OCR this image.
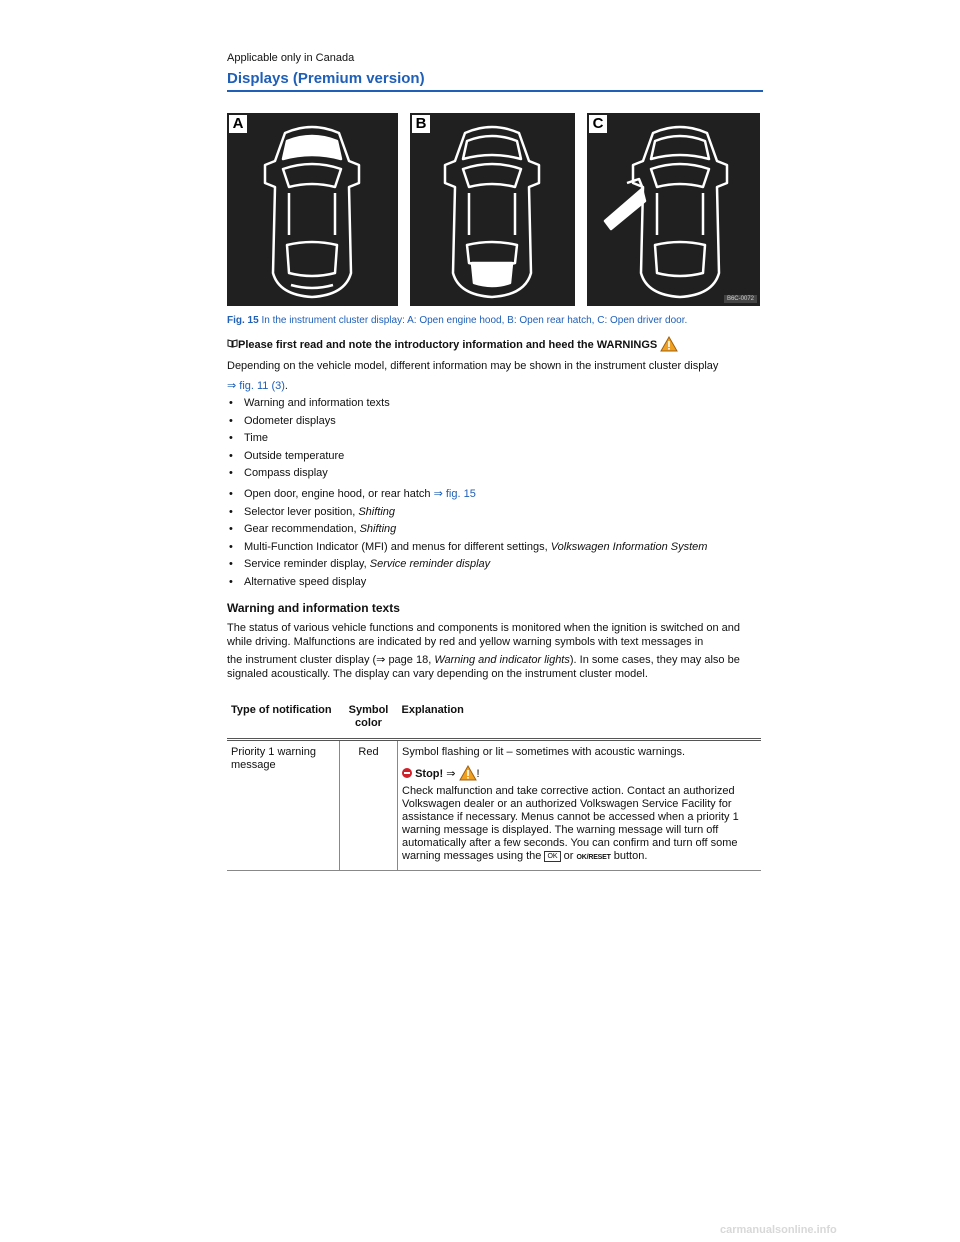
Applicable only in Canada
Displays (Premium version)
A	B	C
B6C-0072
Fig. 15 In the instrument cluster display: A: Open engine hood, B: Open rear hatch, C: Open driver door.
Please first read and note the introductory information and heed the WARNINGS
Depending on the vehicle model, different information may be shown in the instrument cluster display
⇒ fig. 11 (3).
• Warning and information texts
• Odometer displays
• Time
• Outside temperature
• Compass display
• Open door, engine hood, or rear hatch ⇒ fig. 15
• Selector lever position, Shifting
• Gear recommendation, Shifting
• Multi-Function Indicator (MFI) and menus for different settings, Volkswagen Information System
• Service reminder display, Service reminder display
• Alternative speed display
Warning and information texts
The status of various vehicle functions and components is monitored when the ignition is switched on and while driving. Malfunctions are indicated by red and yellow warning symbols with text messages in
the instrument cluster display (⇒ page 18, Warning and indicator lights). In some cases, they may also be signaled acoustically. The display can vary depending on the instrument cluster model.
Type of notification	Symbol color	Explanation
Priority 1 warning message	Red	Symbol flashing or lit – sometimes with acoustic warnings.
Stop! ⇒ !
Check malfunction and take corrective action. Contact an authorized Volkswagen dealer or an authorized Volkswagen Service Facility for assistance if necessary. Menus cannot be accessed when a priority 1 warning message is displayed. The warning message will turn off automatically after a few seconds. You can confirm and turn off some warning messages using the OK or OK/RESET button.
carmanualsonline.info
